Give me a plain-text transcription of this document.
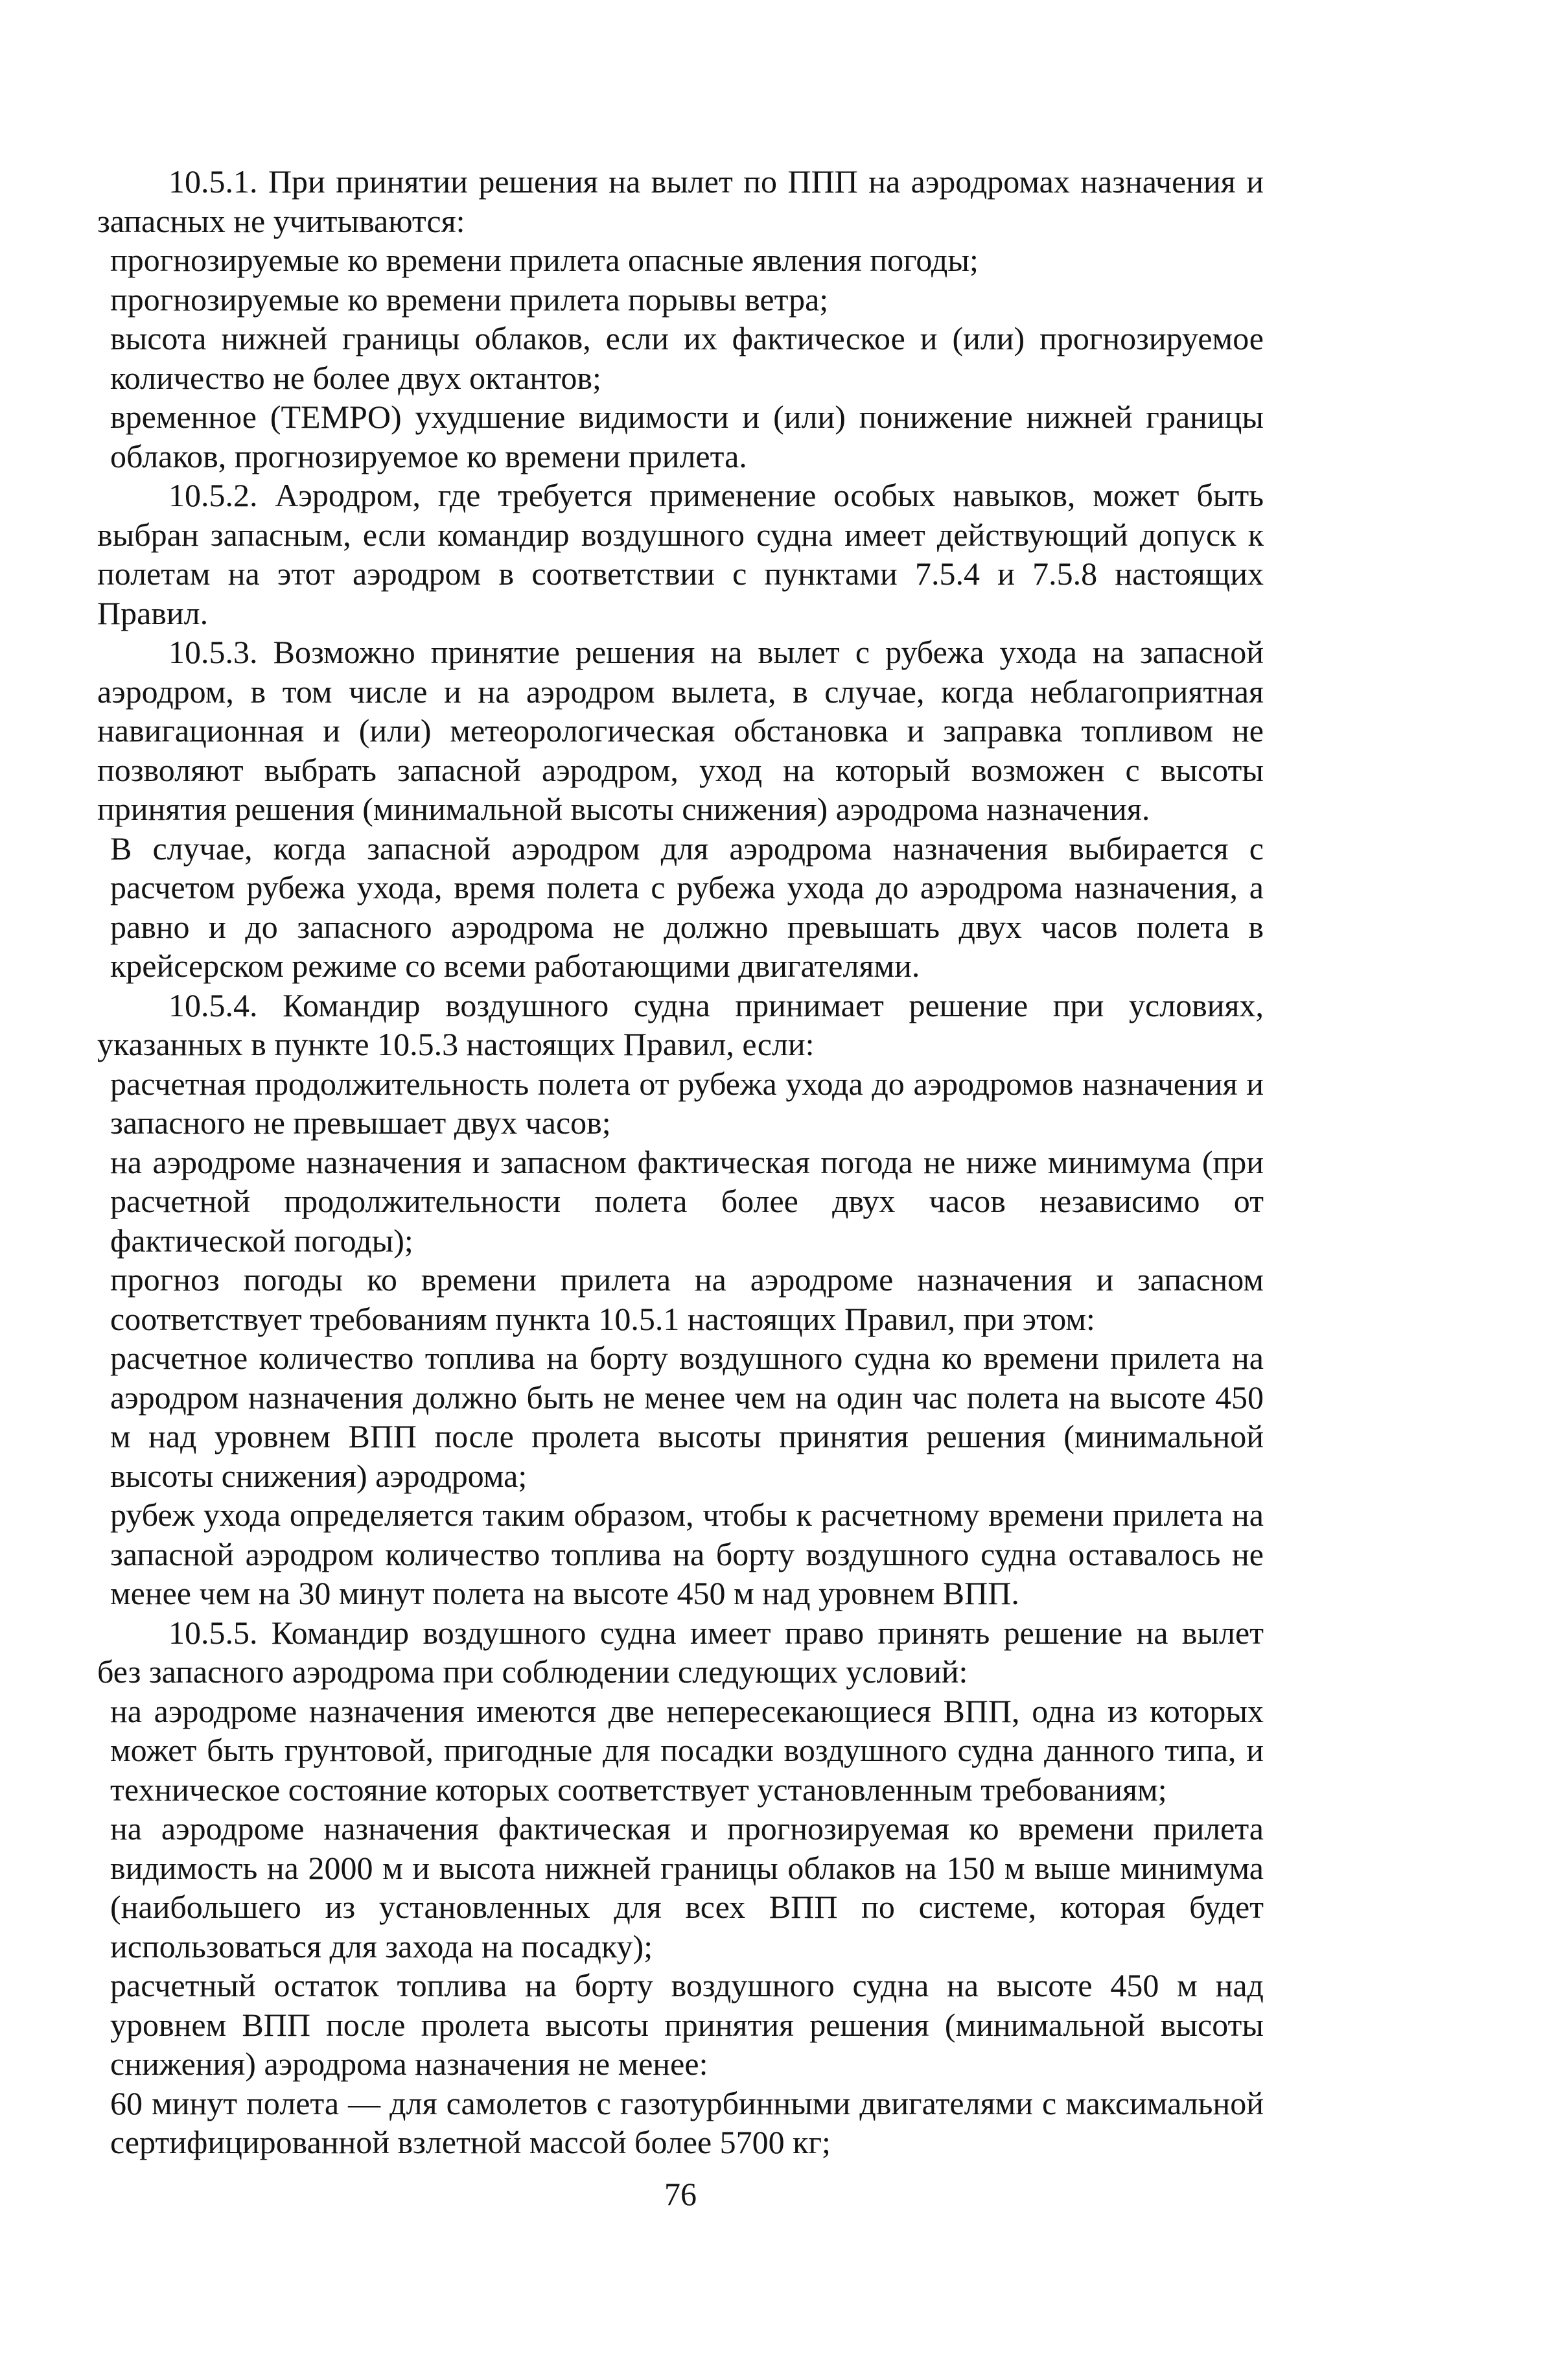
10.5.1. При принятии решения на вылет по ППП на аэродромах назначения и запасных не учитываются:

прогнозируемые ко времени прилета опасные явления погоды;

прогнозируемые ко времени прилета порывы ветра;

высота нижней границы облаков, если их фактическое и (или) прогнозируемое количество не более двух октантов;

временное (TEMPO) ухудшение видимости и (или) понижение нижней границы облаков, прогнозируемое ко времени прилета.

10.5.2. Аэродром, где требуется применение особых навыков, может быть выбран запасным, если командир воздушного судна имеет действующий допуск к полетам на этот аэродром в соответствии с пунктами 7.5.4 и 7.5.8 настоящих Правил.

10.5.3. Возможно принятие решения на вылет с рубежа ухода на запасной аэродром, в том числе и на аэродром вылета, в случае, когда неблагоприятная навигационная и (или) метеорологическая обстановка и заправка топливом не позволяют выбрать запасной аэродром, уход на который возможен с высоты принятия решения (минимальной высоты снижения) аэродрома назначения.

В случае, когда запасной аэродром для аэродрома назначения выбирается с расчетом рубежа ухода, время полета с рубежа ухода до аэродрома назначения, а равно и до запасного аэродрома не должно превышать двух часов полета в крейсерском режиме со всеми работающими двигателями.

10.5.4. Командир воздушного судна принимает решение при условиях, указанных в пункте 10.5.3 настоящих Правил, если:

расчетная продолжительность полета от рубежа ухода до аэродромов назначения и запасного не превышает двух часов;

на аэродроме назначения и запасном фактическая погода не ниже минимума (при расчетной продолжительности полета более двух часов независимо от фактической погоды);

прогноз погоды ко времени прилета на аэродроме назначения и запасном соответствует требованиям пункта 10.5.1 настоящих Правил, при этом:

расчетное количество топлива на борту воздушного судна ко времени прилета на аэродром назначения должно быть не менее чем на один час полета на высоте 450 м над уровнем ВПП после пролета высоты принятия решения (минимальной высоты снижения) аэродрома;

рубеж ухода определяется таким образом, чтобы к расчетному времени прилета на запасной аэродром количество топлива на борту воздушного судна оставалось не менее чем на 30 минут полета на высоте 450 м над уровнем ВПП.

10.5.5. Командир воздушного судна имеет право принять решение на вылет без запасного аэродрома при соблюдении следующих условий:

на аэродроме назначения имеются две непересекающиеся ВПП, одна из которых может быть грунтовой, пригодные для посадки воздушного судна данного типа, и техническое состояние которых соответствует установленным требованиям;

на аэродроме назначения фактическая и прогнозируемая ко времени прилета видимость на 2000 м и высота нижней границы облаков на 150 м выше минимума (наибольшего из установленных для всех ВПП по системе, которая будет использоваться для захода на посадку);

расчетный остаток топлива на борту воздушного судна на высоте 450 м над уровнем ВПП после пролета высоты принятия решения (минимальной высоты снижения) аэродрома назначения не менее:

60 минут полета — для самолетов с газотурбинными двигателями с максимальной сертифицированной взлетной массой более 5700 кг;

76
